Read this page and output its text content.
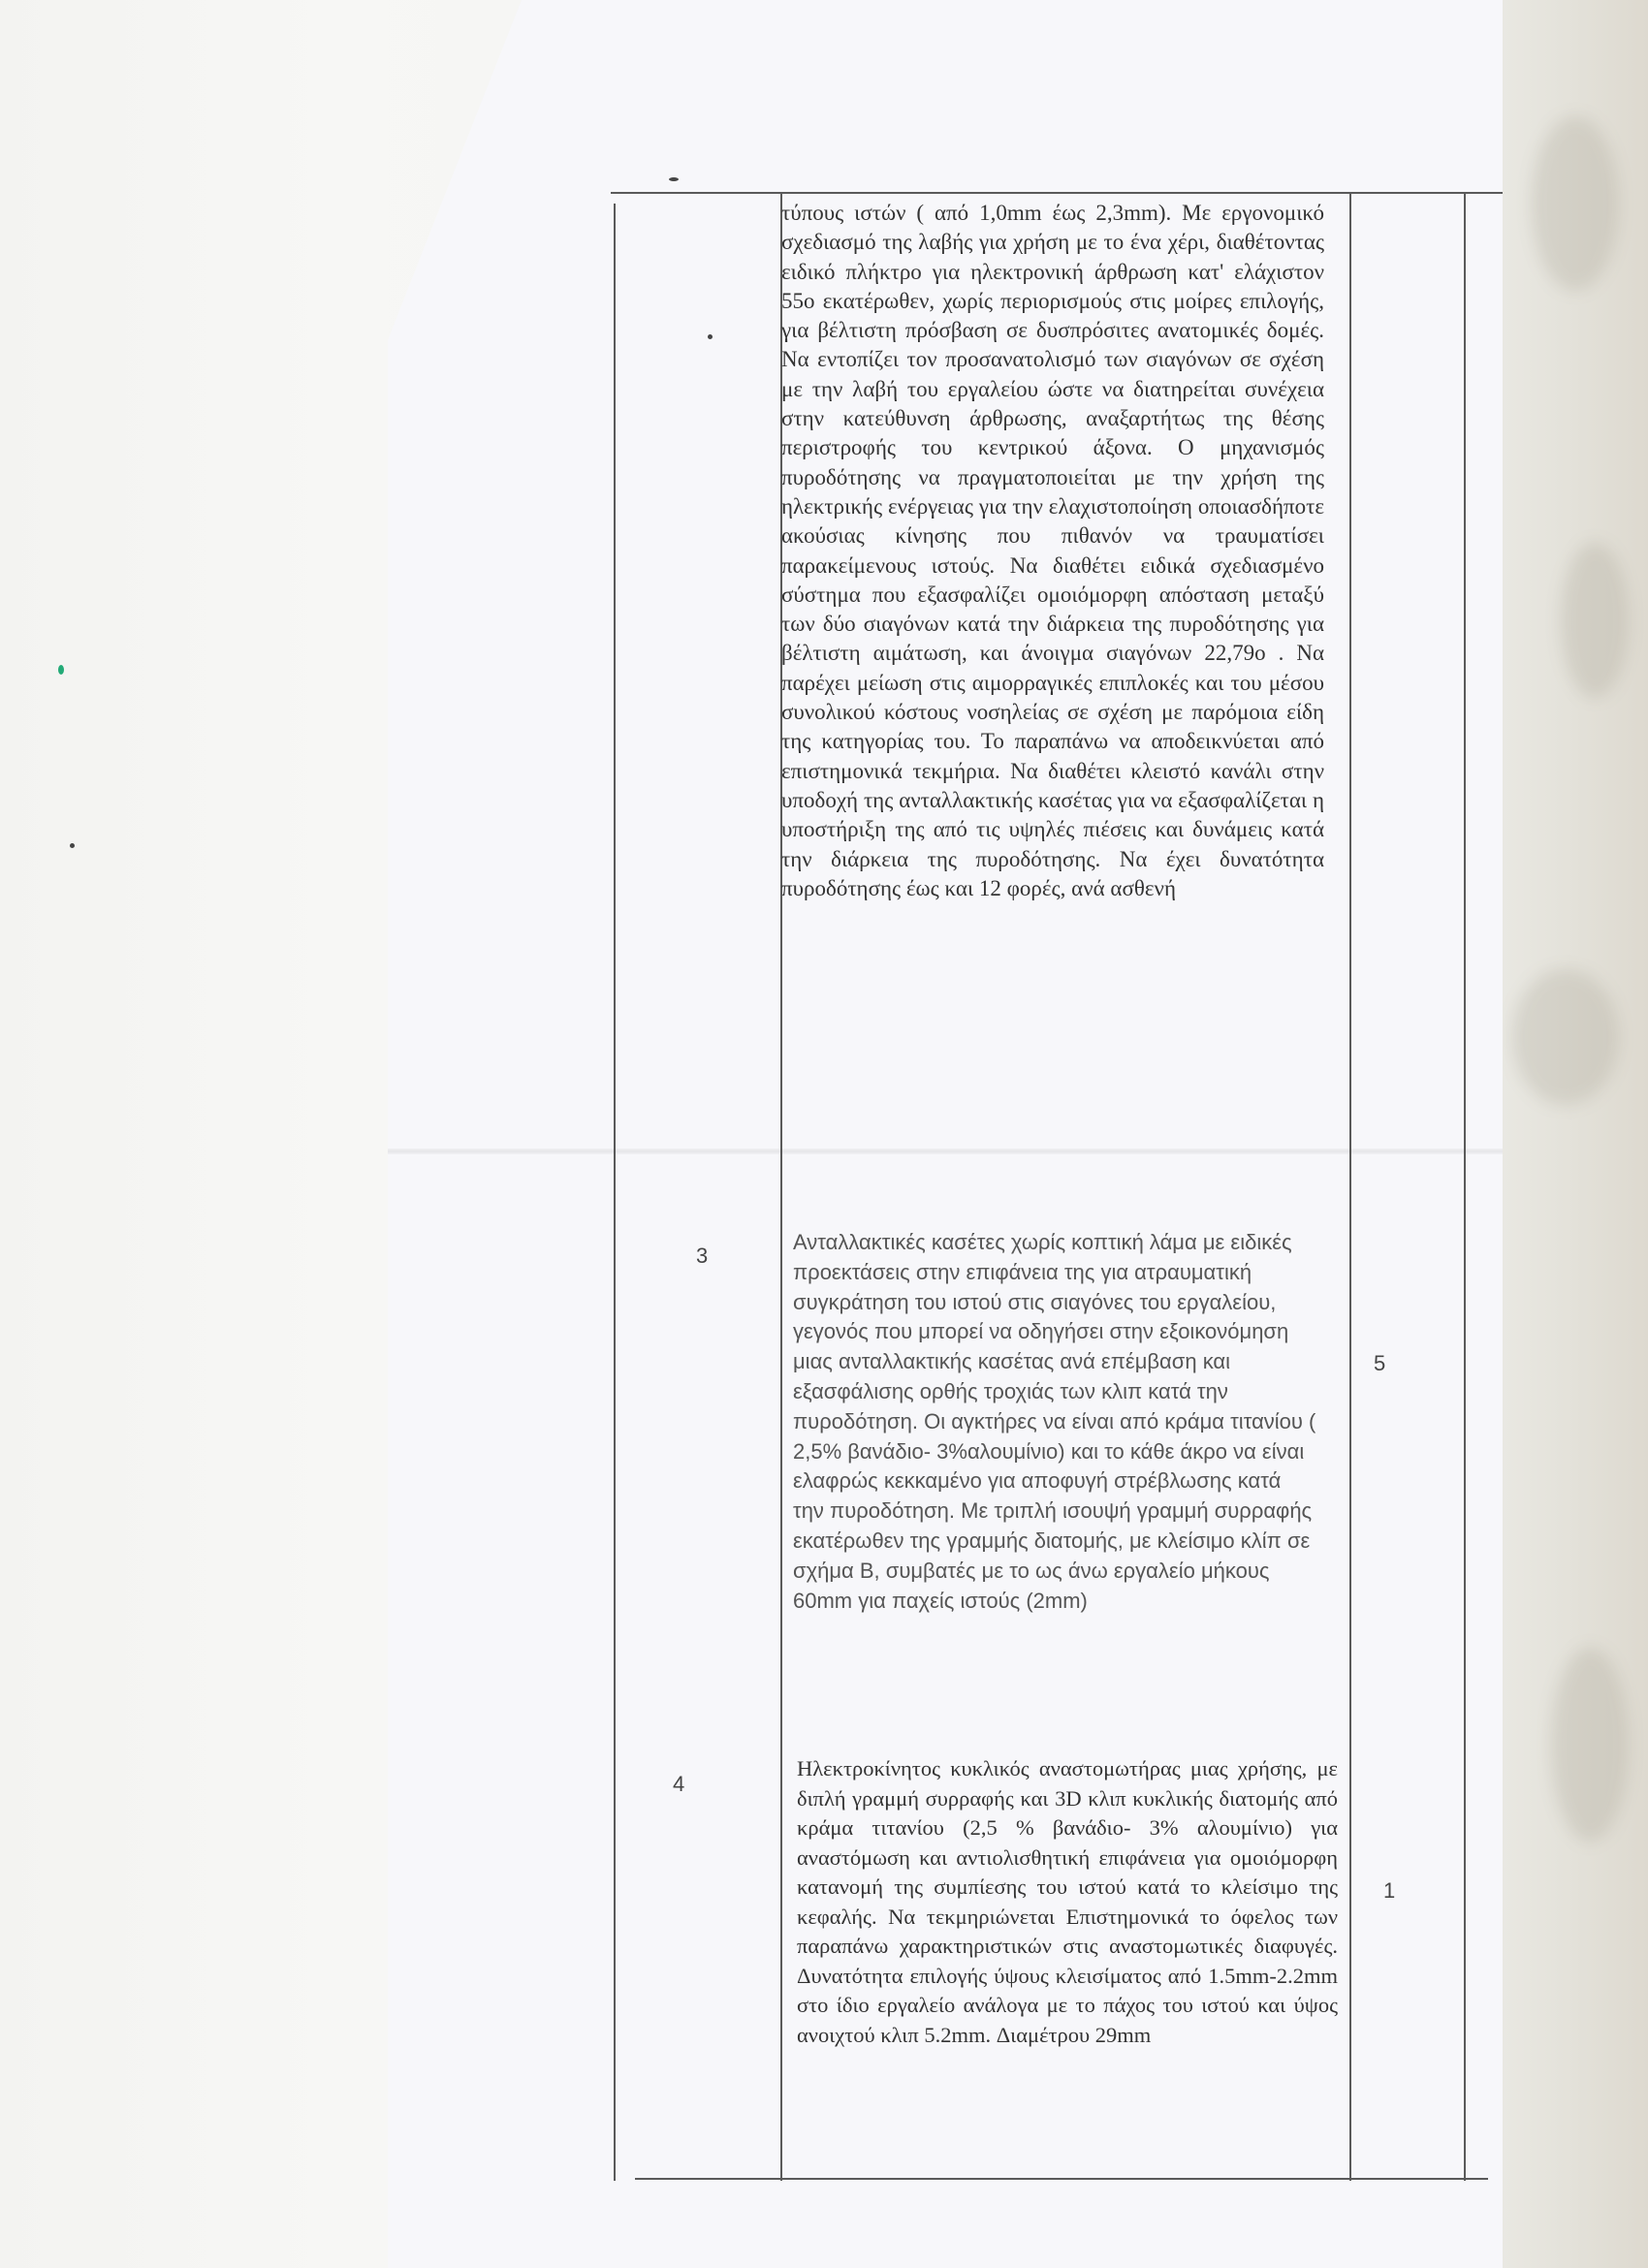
τύπους ιστών ( από 1,0mm έως 2,3mm). Με εργονομικό σχεδιασμό της λαβής για χρήση με το ένα χέρι, διαθέτοντας ειδικό πλήκτρο για ηλεκτρονική άρθρωση κατ' ελάχιστον 55ο εκατέρωθεν, χωρίς περιορισμούς στις μοίρες επιλογής, για βέλτιστη πρόσβαση σε δυσπρόσιτες ανατομικές δομές. Να εντοπίζει τον προσανατολισμό των σιαγόνων σε σχέση με την λαβή του εργαλείου ώστε να διατηρείται συνέχεια στην κατεύθυνση άρθρωσης, αναξαρτήτως της θέσης περιστροφής του κεντρικού άξονα. Ο μηχανισμός πυροδότησης να πραγματοποιείται με την χρήση της ηλεκτρικής ενέργειας για την ελαχιστοποίηση οποιασδήποτε ακούσιας κίνησης που πιθανόν να τραυματίσει παρακείμενους ιστούς. Να διαθέτει ειδικά σχεδιασμένο σύστημα που εξασφαλίζει ομοιόμορφη απόσταση μεταξύ των δύο σιαγόνων κατά την διάρκεια της πυροδότησης για βέλτιστη αιμάτωση, και άνοιγμα σιαγόνων 22,79ο . Να παρέχει μείωση στις αιμορραγικές επιπλοκές και του μέσου συνολικού κόστους νοσηλείας σε σχέση με παρόμοια είδη της κατηγορίας του. Το παραπάνω να αποδεικνύεται από επιστημονικά τεκμήρια. Να διαθέτει κλειστό κανάλι στην υποδοχή της ανταλλακτικής κασέτας για να εξασφαλίζεται η υποστήριξη της από τις υψηλές πιέσεις και δυνάμεις κατά την διάρκεια της πυροδότησης. Να έχει δυνατότητα πυροδότησης έως και 12 φορές, ανά ασθενή

3

Ανταλλακτικές κασέτες χωρίς κοπτική λάμα με ειδικές προεκτάσεις στην επιφάνεια της για ατραυματική συγκράτηση του ιστού στις σιαγόνες του εργαλείου, γεγονός που μπορεί να οδηγήσει στην εξοικονόμηση μιας ανταλλακτικής κασέτας ανά επέμβαση και εξασφάλισης ορθής τροχιάς των κλιπ κατά την πυροδότηση. Οι αγκτήρες να είναι από κράμα τιτανίου ( 2,5% βανάδιο- 3%αλουμίνιο) και το κάθε άκρο να είναι ελαφρώς κεκκαμένο για αποφυγή στρέβλωσης κατά την πυροδότηση. Με τριπλή ισουψή γραμμή συρραφής εκατέρωθεν της γραμμής διατομής, με κλείσιμο κλίπ σε σχήμα Β, συμβατές με το ως άνω εργαλείο μήκους 60mm για παχείς ιστούς (2mm)

5
4

Ηλεκτροκίνητος κυκλικός αναστομωτήρας μιας χρήσης, με διπλή γραμμή συρραφής και 3D κλιπ κυκλικής διατομής από κράμα τιτανίου (2,5 % βανάδιο- 3% αλουμίνιο) για αναστόμωση και αντιολισθητική επιφάνεια για ομοιόμορφη κατανομή της συμπίεσης του ιστού κατά το κλείσιμο της κεφαλής. Να τεκμηριώνεται Επιστημονικά το όφελος των παραπάνω χαρακτηριστικών στις αναστομωτικές διαφυγές. Δυνατότητα επιλογής ύψους κλεισίματος από 1.5mm-2.2mm στο ίδιο εργαλείο ανάλογα με το πάχος του ιστού και ύψος ανοιχτού κλιπ 5.2mm. Διαμέτρου 29mm

1
